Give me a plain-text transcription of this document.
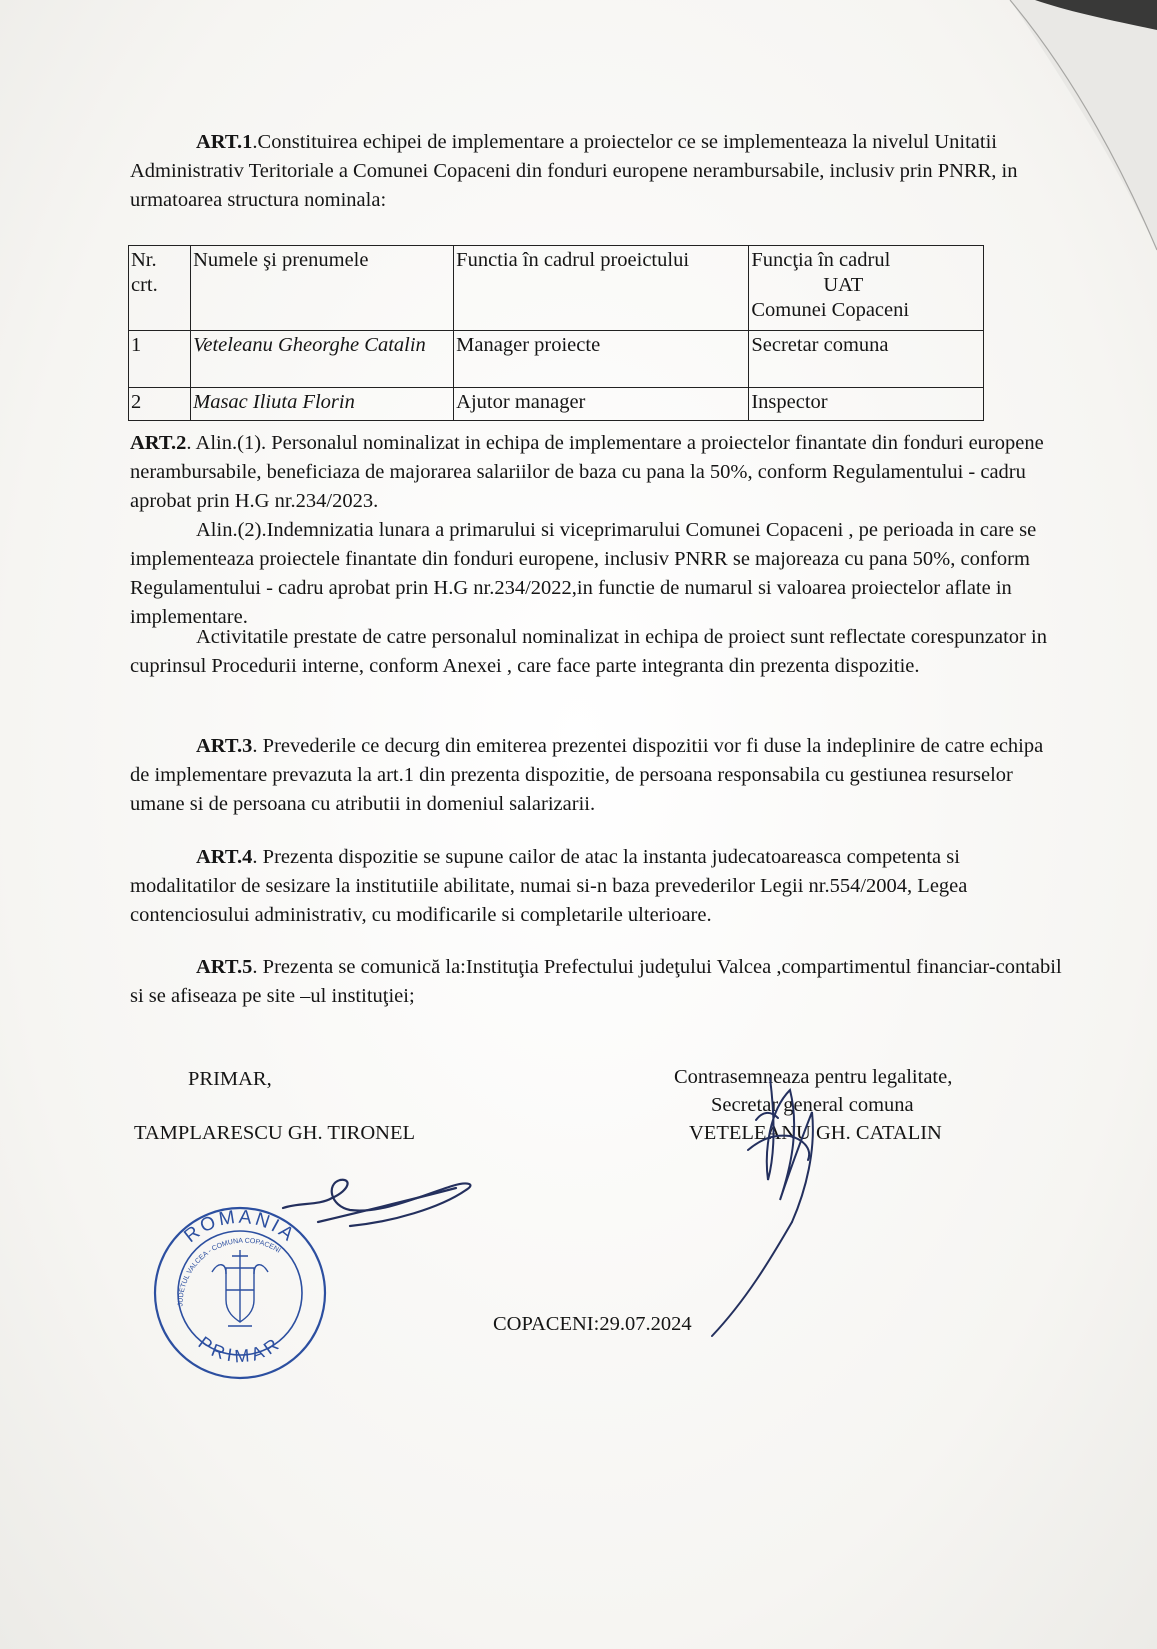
ART.1.Constituirea echipei de implementare a proiectelor ce se implementeaza la nivelul Unitatii Administrativ Teritoriale a Comunei Copaceni din fonduri europene nerambursabile, inclusiv prin PNRR, in urmatoarea structura nominala:

Nr. crt.	Numele şi prenumele	Functia în cadrul proeictului	Funcţia în cadrul
UAT
Comunei Copaceni
1	Veteleanu Gheorghe Catalin	Manager proiecte	Secretar comuna
2	Masac Iliuta Florin	Ajutor manager	Inspector

ART.2. Alin.(1). Personalul nominalizat in echipa de implementare a proiectelor finantate din fonduri europene nerambursabile, beneficiaza de majorarea salariilor de baza cu pana la 50%, conform Regulamentului - cadru aprobat prin H.G nr.234/2023.

Alin.(2).Indemnizatia lunara a primarului si viceprimarului Comunei Copaceni , pe perioada in care se implementeaza proiectele finantate din fonduri europene, inclusiv PNRR se majoreaza cu pana 50%, conform Regulamentului - cadru aprobat prin H.G nr.234/2022,in functie de numarul si valoarea proiectelor aflate in implementare.

Activitatile prestate de catre personalul nominalizat in echipa de proiect sunt reflectate corespunzator in cuprinsul Procedurii interne, conform Anexei , care face parte integranta din prezenta dispozitie.

ART.3. Prevederile ce decurg din emiterea prezentei dispozitii vor fi duse la indeplinire de catre echipa de implementare prevazuta la art.1 din prezenta dispozitie, de persoana responsabila cu gestiunea resurselor umane si de persoana cu atributii in domeniul salarizarii.

ART.4. Prezenta dispozitie se supune cailor de atac la instanta judecatoareasca competenta si modalitatilor de sesizare la institutiile abilitate, numai si-n baza prevederilor Legii nr.554/2004, Legea contenciosului administrativ, cu modificarile si completarile ulterioare.

ART.5. Prezenta se comunică la:Instituţia Prefectului judeţului Valcea ,compartimentul financiar-contabil si se afiseaza pe site –ul instituţiei;

PRIMAR,
TAMPLARESCU GH. TIRONEL
Contrasemneaza pentru legalitate,
Secretar general comuna
VETELEANU GH. CATALIN
COPACENI:29.07.2024
ROMANIA
PRIMAR
JUDETUL VALCEA - COMUNA COPACENI
